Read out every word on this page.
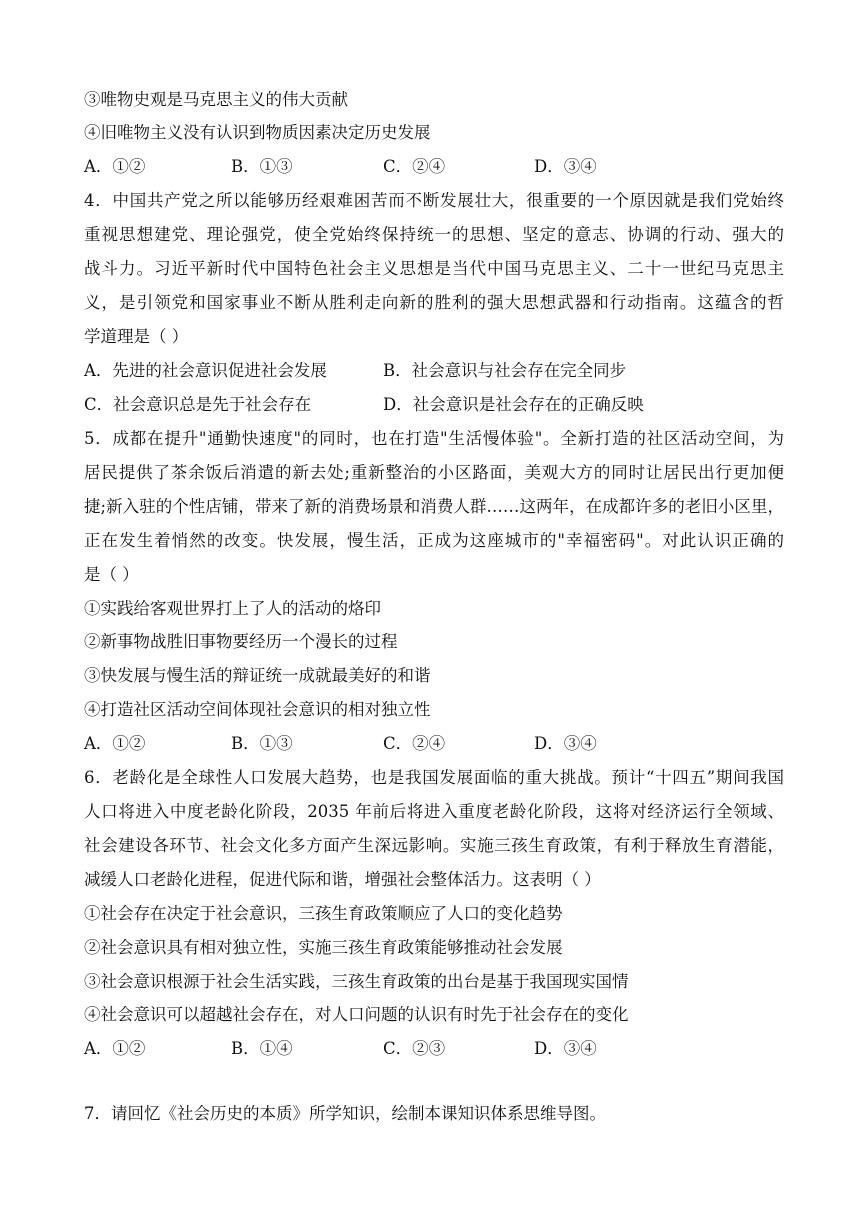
③唯物史观是马克思主义的伟大贡献
④旧唯物主义没有认识到物质因素决定历史发展
A．①②	B．①③	C．②④	D．③④
4．中国共产党之所以能够历经艰难困苦而不断发展壮大，很重要的一个原因就是我们党始终
重视思想建党、理论强党，使全党始终保持统一的思想、坚定的意志、协调的行动、强大的
战斗力。习近平新时代中国特色社会主义思想是当代中国马克思主义、二十一世纪马克思主
义，是引领党和国家事业不断从胜利走向新的胜利的强大思想武器和行动指南。这蕴含的哲
学道理是（ ）
A．先进的社会意识促进社会发展	B．社会意识与社会存在完全同步
C．社会意识总是先于社会存在	D．社会意识是社会存在的正确反映
5．成都在提升"通勤快速度"的同时，也在打造"生活慢体验"。全新打造的社区活动空间，为
居民提供了茶余饭后消遣的新去处;重新整治的小区路面，美观大方的同时让居民出行更加便
捷;新入驻的个性店铺，带来了新的消费场景和消费人群……这两年，在成都许多的老旧小区里，
正在发生着悄然的改变。快发展，慢生活，正成为这座城市的"幸福密码"。对此认识正确的
是（ ）
①实践给客观世界打上了人的活动的烙印
②新事物战胜旧事物要经历一个漫长的过程
③快发展与慢生活的辩证统一成就最美好的和谐
④打造社区活动空间体现社会意识的相对独立性
A．①②	B．①③	C．②④	D．③④
6．老龄化是全球性人口发展大趋势，也是我国发展面临的重大挑战。预计“十四五”期间我国
人口将进入中度老龄化阶段，2035 年前后将进入重度老龄化阶段，这将对经济运行全领域、
社会建设各环节、社会文化多方面产生深远影响。实施三孩生育政策，有利于释放生育潜能，
减缓人口老龄化进程，促进代际和谐，增强社会整体活力。这表明（ ）
①社会存在决定于社会意识，三孩生育政策顺应了人口的变化趋势
②社会意识具有相对独立性，实施三孩生育政策能够推动社会发展
③社会意识根源于社会生活实践，三孩生育政策的出台是基于我国现实国情
④社会意识可以超越社会存在，对人口问题的认识有时先于社会存在的变化
A．①②	B．①④	C．②③	D．③④
7．请回忆《社会历史的本质》所学知识，绘制本课知识体系思维导图。
